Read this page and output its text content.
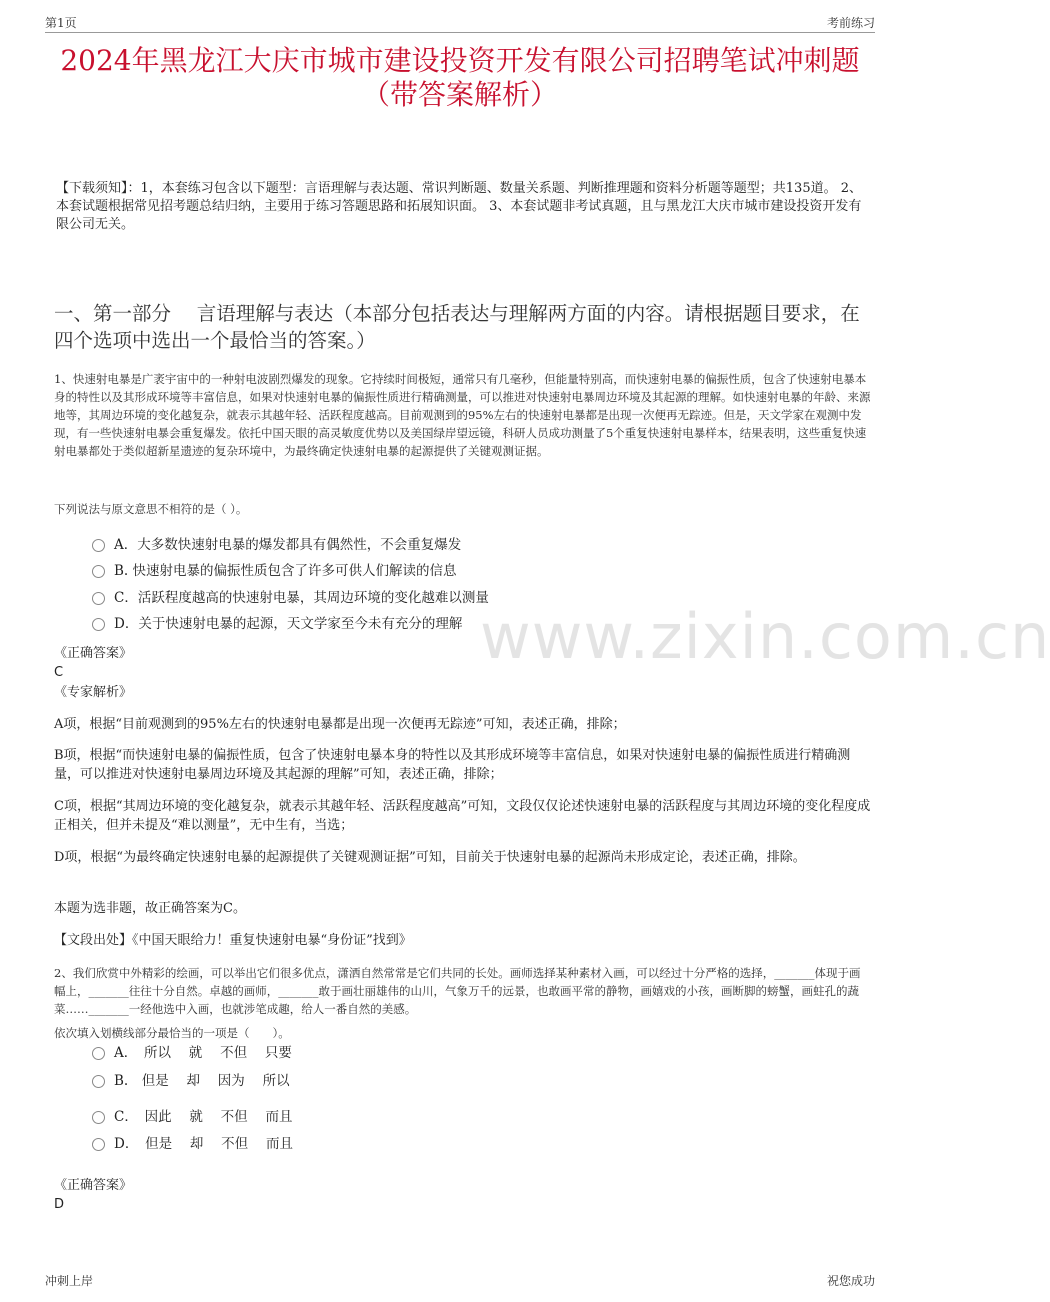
第1页	考前练习
2024年黑龙江大庆市城市建设投资开发有限公司招聘笔试冲刺题（带答案解析）
【下载须知】：1，本套练习包含以下题型：言语理解与表达题、常识判断题、数量关系题、判断推理题和资料分析题等题型；共135道。 2、本套试题根据常见招考题总结归纳，主要用于练习答题思路和拓展知识面。 3、本套试题非考试真题，且与黑龙江大庆市城市建设投资开发有限公司无关。
一、第一部分　 言语理解与表达（本部分包括表达与理解两方面的内容。请根据题目要求，在四个选项中选出一个最恰当的答案。）
www.zixin.com.cn
1、快速射电暴是广袤宇宙中的一种射电波剧烈爆发的现象。它持续时间极短，通常只有几毫秒，但能量特别高，而快速射电暴的偏振性质，包含了快速射电暴本身的特性以及其形成环境等丰富信息，如果对快速射电暴的偏振性质进行精确测量，可以推进对快速射电暴周边环境及其起源的理解。如快速射电暴的年龄、来源地等，其周边环境的变化越复杂，就表示其越年轻、活跃程度越高。目前观测到的95%左右的快速射电暴都是出现一次便再无踪迹。但是，天文学家在观测中发现，有一些快速射电暴会重复爆发。依托中国天眼的高灵敏度优势以及美国绿岸望远镜，科研人员成功测量了5个重复快速射电暴样本，结果表明，这些重复快速射电暴都处于类似超新星遗迹的复杂环境中，为最终确定快速射电暴的起源提供了关键观测证据。
下列说法与原文意思不相符的是（ ）。
A．大多数快速射电暴的爆发都具有偶然性，不会重复爆发
B. 快速射电暴的偏振性质包含了许多可供人们解读的信息
C．活跃程度越高的快速射电暴，其周边环境的变化越难以测量
D．关于快速射电暴的起源，天文学家至今未有充分的理解
《正确答案》
C
《专家解析》
A项，根据“目前观测到的95%左右的快速射电暴都是出现一次便再无踪迹”可知，表述正确，排除；
B项，根据“而快速射电暴的偏振性质，包含了快速射电暴本身的特性以及其形成环境等丰富信息，如果对快速射电暴的偏振性质进行精确测量，可以推进对快速射电暴周边环境及其起源的理解”可知，表述正确，排除；
C项，根据“其周边环境的变化越复杂，就表示其越年轻、活跃程度越高”可知，文段仅仅论述快速射电暴的活跃程度与其周边环境的变化程度成正相关，但并未提及“难以测量”，无中生有，当选；
D项，根据“为最终确定快速射电暴的起源提供了关键观测证据”可知，目前关于快速射电暴的起源尚未形成定论，表述正确，排除。
本题为选非题，故正确答案为C。
【文段出处】《中国天眼给力！重复快速射电暴“身份证”找到》
2、我们欣赏中外精彩的绘画，可以举出它们很多优点，潇洒自然常常是它们共同的长处。画师选择某种素材入画，可以经过十分严格的选择，_______体现于画幅上，_______往往十分自然。卓越的画师，_______敢于画壮丽雄伟的山川，气象万千的远景，也敢画平常的静物，画嬉戏的小孩，画断脚的螃蟹，画蛀孔的蔬菜……_______一经他选中入画，也就涉笔成趣，给人一番自然的美感。
依次填入划横线部分最恰当的一项是（　　）。
A．　所以　 就　 不但　 只要
B.　但是　 却　 因为　 所以
C．　因此　 就　 不但　 而且
D．　但是　 却　 不但　 而且
《正确答案》
D
冲刺上岸	祝您成功
